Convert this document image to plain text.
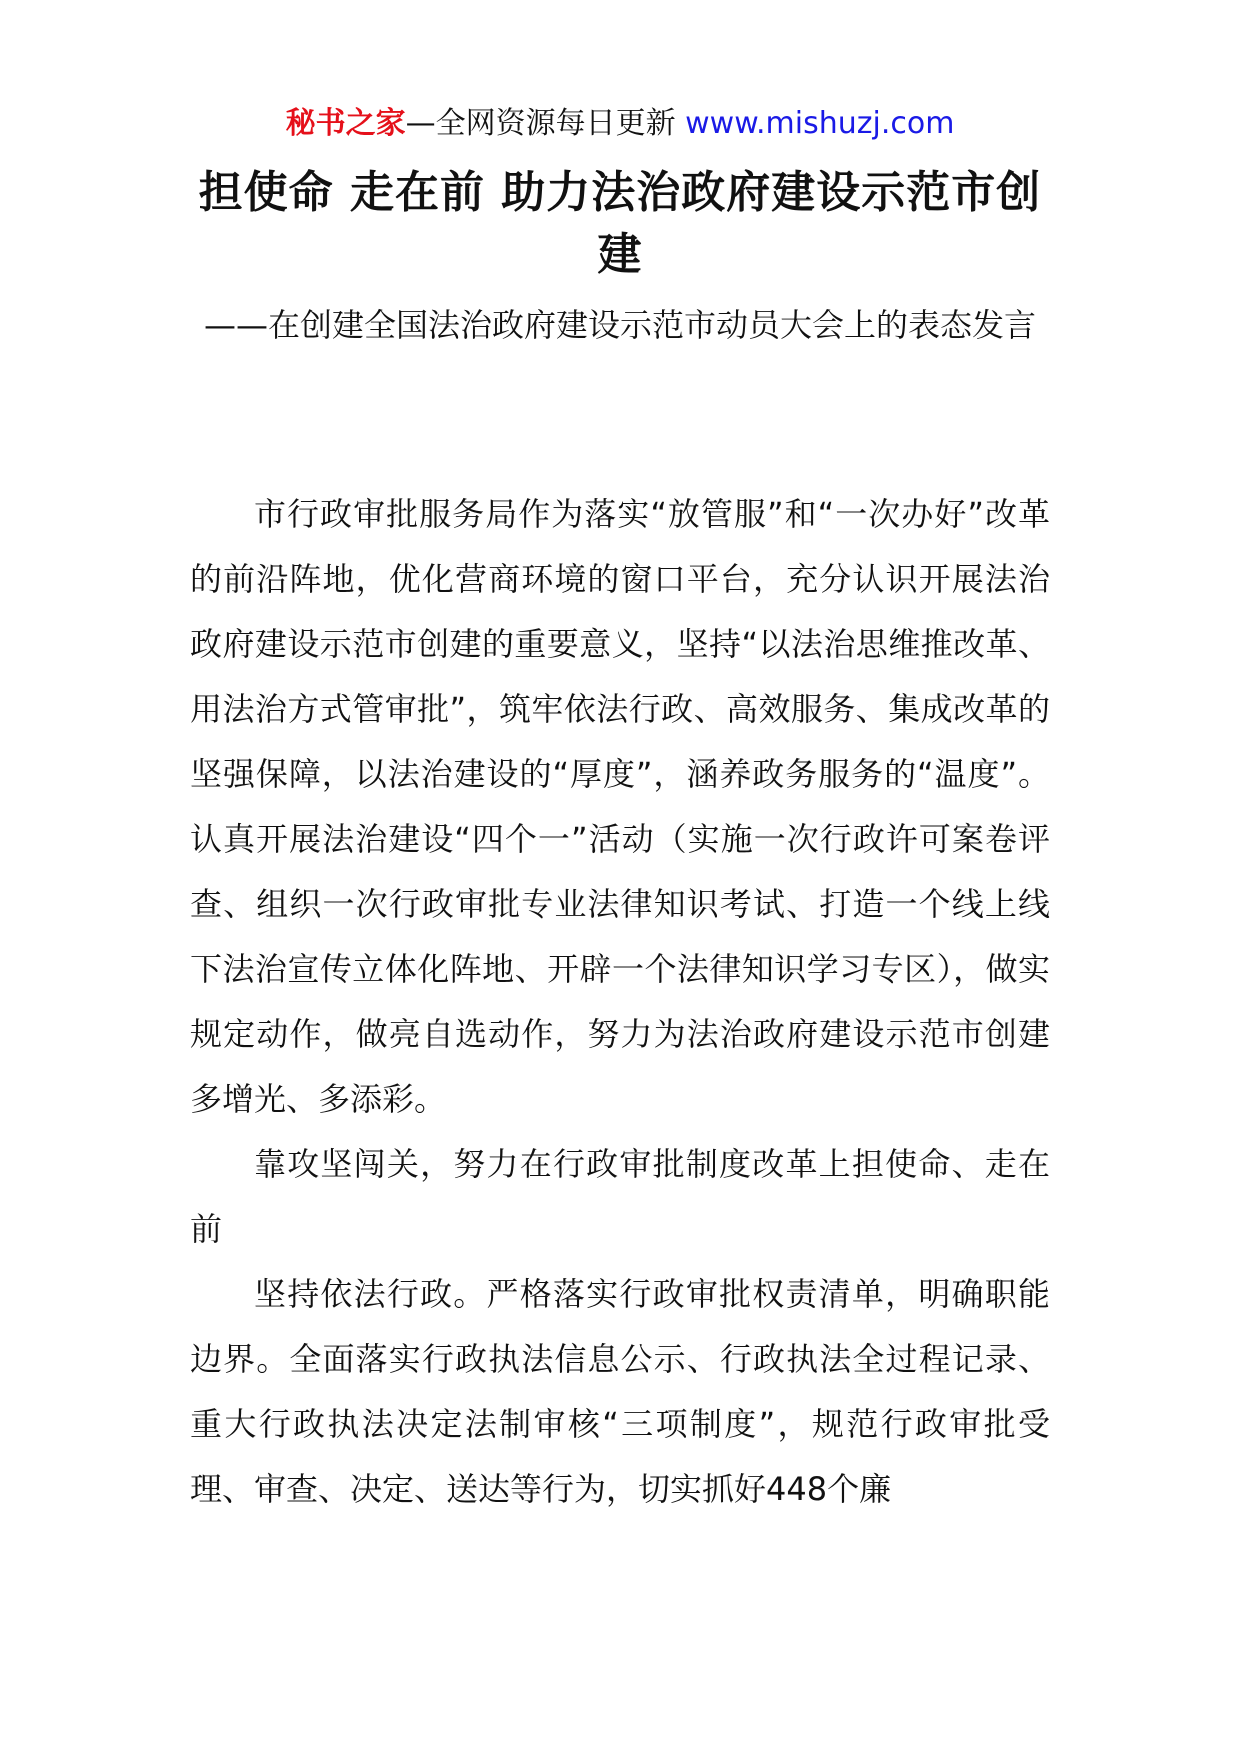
秘书之家—全网资源每日更新 www.mishuzj.com
担使命 走在前 助力法治政府建设示范市创建
——在创建全国法治政府建设示范市动员大会上的表态发言

市行政审批服务局作为落实“放管服”和“一次办好”改革的前沿阵地，优化营商环境的窗口平台，充分认识开展法治政府建设示范市创建的重要意义，坚持“以法治思维推改革、用法治方式管审批”，筑牢依法行政、高效服务、集成改革的坚强保障，以法治建设的“厚度”，涵养政务服务的“温度”。认真开展法治建设“四个一”活动（实施一次行政许可案卷评查、组织一次行政审批专业法律知识考试、打造一个线上线下法治宣传立体化阵地、开辟一个法律知识学习专区），做实规定动作，做亮自选动作，努力为法治政府建设示范市创建多增光、多添彩。

靠攻坚闯关，努力在行政审批制度改革上担使命、走在前

坚持依法行政。严格落实行政审批权责清单，明确职能边界。全面落实行政执法信息公示、行政执法全过程记录、重大行政执法决定法制审核“三项制度”，规范行政审批受理、审查、决定、送达等行为，切实抓好448个廉
